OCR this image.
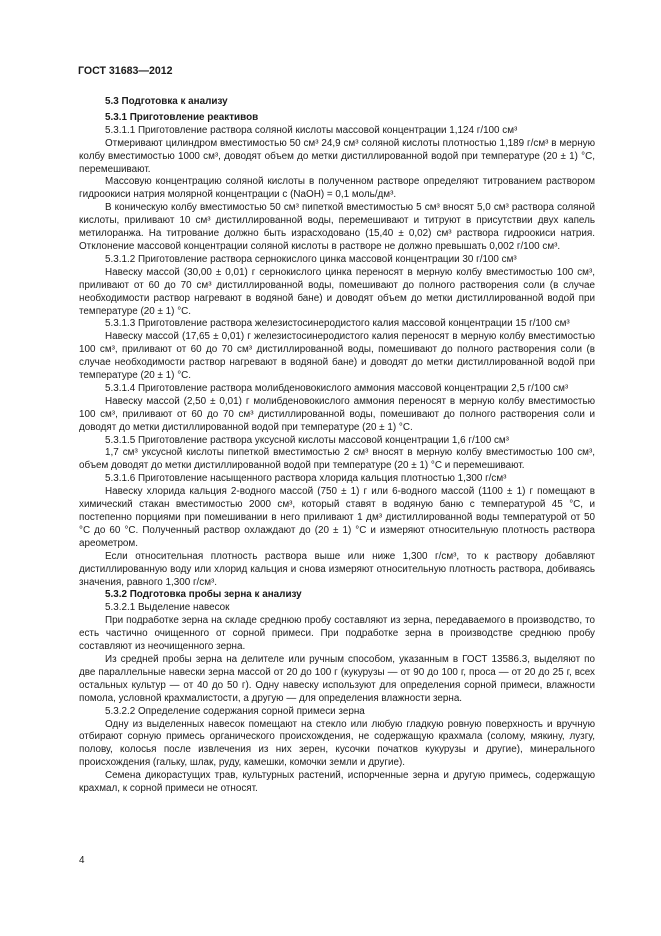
ГОСТ 31683—2012

5.3 Подготовка к анализу

5.3.1 Приготовление реактивов

5.3.1.1 Приготовление раствора соляной кислоты массовой концентрации 1,124 г/100 см³

Отмеривают цилиндром вместимостью 50 см³ 24,9 см³ соляной кислоты плотностью 1,189 г/см³ в мерную колбу вместимостью 1000 см³, доводят объем до метки дистиллированной водой при температуре (20 ± 1) °С, перемешивают.

Массовую концентрацию соляной кислоты в полученном растворе определяют титрованием раствором гидроокиси натрия молярной концентрации c (NaOH) = 0,1 моль/дм³.

В коническую колбу вместимостью 50 см³ пипеткой вместимостью 5 см³ вносят 5,0 см³ раствора соляной кислоты, приливают 10 см³ дистиллированной воды, перемешивают и титруют в присутствии двух капель метилоранжа. На титрование должно быть израсходовано (15,40 ± 0,02) см³ раствора гидроокиси натрия. Отклонение массовой концентрации соляной кислоты в растворе не должно превышать 0,002 г/100 см³.

5.3.1.2 Приготовление раствора сернокислого цинка массовой концентрации 30 г/100 см³

Навеску массой (30,00 ± 0,01) г сернокислого цинка переносят в мерную колбу вместимостью 100 см³, приливают от 60 до 70 см³ дистиллированной воды, помешивают до полного растворения соли (в случае необходимости раствор нагревают в водяной бане) и доводят объем до метки дистиллированной водой при температуре (20 ± 1) °С.

5.3.1.3 Приготовление раствора железистосинеродистого калия массовой концентрации 15 г/100 см³

Навеску массой (17,65 ± 0,01) г железистосинеродистого калия переносят в мерную колбу вместимостью 100 см³, приливают от 60 до 70 см³ дистиллированной воды, помешивают до полного растворения соли (в случае необходимости раствор нагревают в водяной бане) и доводят до метки дистиллированной водой при температуре (20 ± 1) °С.

5.3.1.4 Приготовление раствора молибденовокислого аммония массовой концентрации 2,5 г/100 см³

Навеску массой (2,50 ± 0,01) г молибденовокислого аммония переносят в мерную колбу вместимостью 100 см³, приливают от 60 до 70 см³ дистиллированной воды, помешивают до полного растворения соли и доводят до метки дистиллированной водой при температуре (20 ± 1) °С.

5.3.1.5 Приготовление раствора уксусной кислоты массовой концентрации 1,6 г/100 см³

1,7 см³ уксусной кислоты пипеткой вместимостью 2 см³ вносят в мерную колбу вместимостью 100 см³, объем доводят до метки дистиллированной водой при температуре (20 ± 1) °С и перемешивают.

5.3.1.6 Приготовление насыщенного раствора хлорида кальция плотностью 1,300 г/см³

Навеску хлорида кальция 2-водного массой (750 ± 1) г или 6-водного массой (1100 ± 1) г помещают в химический стакан вместимостью 2000 см³, который ставят в водяную баню с температурой 45 °С, и постепенно порциями при помешивании в него приливают 1 дм³ дистиллированной воды температурой от 50 °С до 60 °С. Полученный раствор охлаждают до (20 ± 1) °С и измеряют относительную плотность раствора ареометром.

Если относительная плотность раствора выше или ниже 1,300 г/см³, то к раствору добавляют дистиллированную воду или хлорид кальция и снова измеряют относительную плотность раствора, добиваясь значения, равного 1,300 г/см³.

5.3.2 Подготовка пробы зерна к анализу

5.3.2.1 Выделение навесок

При подработке зерна на складе среднюю пробу составляют из зерна, передаваемого в производство, то есть частично очищенного от сорной примеси. При подработке зерна в производстве среднюю пробу составляют из неочищенного зерна.

Из средней пробы зерна на делителе или ручным способом, указанным в ГОСТ 13586.3, выделяют по две параллельные навески зерна массой от 20 до 100 г (кукурузы — от 90 до 100 г, проса — от 20 до 25 г, всех остальных культур — от 40 до 50 г). Одну навеску используют для определения сорной примеси, влажности помола, условной крахмалистости, а другую — для определения влажности зерна.

5.3.2.2 Определение содержания сорной примеси зерна

Одну из выделенных навесок помещают на стекло или любую гладкую ровную поверхность и вручную отбирают сорную примесь органического происхождения, не содержащую крахмала (солому, мякину, лузгу, полову, колосья после извлечения из них зерен, кусочки початков кукурузы и другие), минерального происхождения (гальку, шлак, руду, камешки, комочки земли и другие).

Семена дикорастущих трав, культурных растений, испорченные зерна и другую примесь, содержащую крахмал, к сорной примеси не относят.

4
